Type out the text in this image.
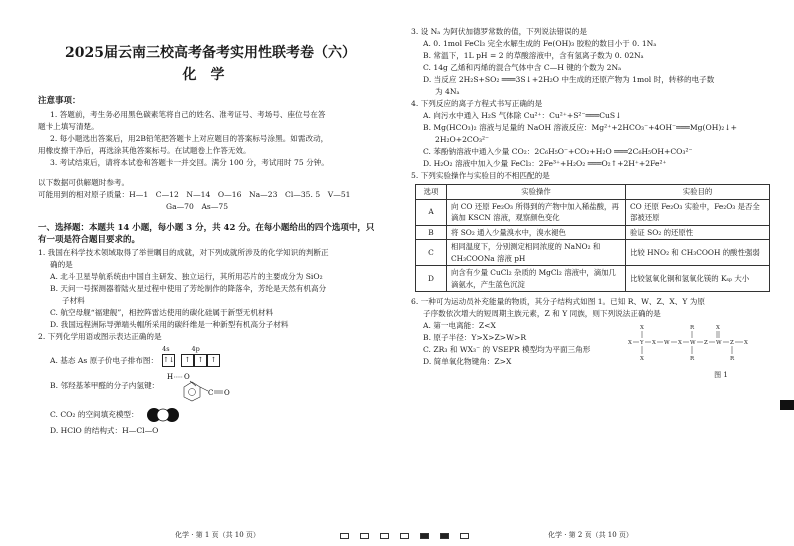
2025届云南三校高考备考实用性联考卷（六）
化学
注意事项：

1. 答题前，考生务必用黑色碳素笔将自己的姓名、准考证号、考场号、座位号在答

题卡上填写清楚。

2. 每小题选出答案后，用2B铅笔把答题卡上对应题目的答案标号涂黑。如需改动，

用橡皮擦干净后，再选涂其他答案标号。在试题卷上作答无效。

3. 考试结束后，请将本试卷和答题卡一并交回。满分 100 分，考试用时 75 分钟。

以下数据可供解题时参考。

可能用到的相对原子质量：H—1　C—12　N—14　O—16　Na—23　Cl—35. 5　V—51

Ga—70　As—75

一、选择题：本题共 14 小题，每小题 3 分，共 42 分。在每小题给出的四个选项中，只
有一项是符合题目要求的。

1. 我国在科学技术领域取得了举世瞩目的成就，对下列成就所涉及的化学知识的判断正

确的是

A. 北斗卫星导航系统由中国自主研发、独立运行，其所用芯片的主要成分为 SiO₂

B. 天问一号探测器着陆火星过程中使用了芳纶制作的降落伞，芳纶是天然有机高分

子材料

C. 航空母舰“福建舰”，相控阵雷达使用的碳化硅属于新型无机材料

D. 我国远程洲际导弹端头帽所采用的碳纤维是一种新型有机高分子材料

2. 下列化学用语或图示表达正确的是

A. 基态 As 原子价电子排布图：
4s	4p
↑↓	↑	↑	↑
B. 邻羟基苯甲醛的分子内氢键：
H O
C O
C. CO₂ 的空间填充模型：

D. HClO 的结构式：H—Cl—O

3. 设 Nₐ 为阿伏加德罗常数的值，下列说法错误的是

A. 0. 1mol FeCl₃ 完全水解生成的 Fe(OH)₃ 胶粒的数目小于 0. 1Nₐ

B. 常温下，1L pH = 2 的草酸溶液中，含有氢离子数为 0. 02Nₐ

C. 14g 乙烯和丙烯的混合气体中含 C—H 键的个数为 2Nₐ

D. 当反应 2H₂S+SO₂ ═══3S↓+2H₂O 中生成的还原产物为 1mol 时，转移的电子数

为 4Nₐ

4. 下列反应的离子方程式书写正确的是

A. 向污水中通入 H₂S 气体除 Cu²⁺：Cu²⁺+S²⁻═══CuS↓

B. Mg(HCO₃)₂ 溶液与足量的 NaOH 溶液反应：Mg²⁺+2HCO₃⁻+4OH⁻═══Mg(OH)₂↓+

2H₂O+2CO₃²⁻

C. 苯酚钠溶液中通入少量 CO₂：2C₆H₅O⁻+CO₂+H₂O ═══2C₆H₅OH+CO₃²⁻

D. H₂O₂ 溶液中加入少量 FeCl₃：2Fe³⁺+H₂O₂ ═══O₂↑+2H⁺+2Fe²⁺

5. 下列实验操作与实验目的不相匹配的是

选项	实验操作	实验目的
A	向 CO 还原 Fe₂O₃ 所得到的产物中加入稀盐酸，再滴加 KSCN 溶液，观察颜色变化	CO 还原 Fe₂O₃ 实验中，Fe₂O₃ 是否全部被还原
B	将 SO₂ 通入少量溴水中，溴水褪色	验证 SO₂ 的还原性
C	相同温度下，分别测定相同浓度的 NaNO₂ 和 CH₃COONa 溶液 pH	比较 HNO₂ 和 CH₃COOH 的酸性强弱
D	向含有少量 CuCl₂ 杂质的 MgCl₂ 溶液中，滴加几滴氨水，产生蓝色沉淀	比较氢氧化铜和氢氧化镁的 Kₛₚ 大小

6. 一种可为运动员补充能量的物质，其分子结构式如图 1。已知 R、W、Z、X、Y 为原

子序数依次增大的短周期主族元素，Z 和 Y 同族，则下列说法正确的是

A. 第一电离能：Z<X

B. 原子半径：Y>X>Z>W>R

C. ZR₃ 和 WX₃⁻ 的 VSEPR 模型均为平面三角形

D. 简单氧化物键角：Z>X

X Y X W X W Z W Z X
X
X
R
R
X
R
图 1
化学 · 第 1 页（共 10 页）	化学 · 第 2 页（共 10 页）
